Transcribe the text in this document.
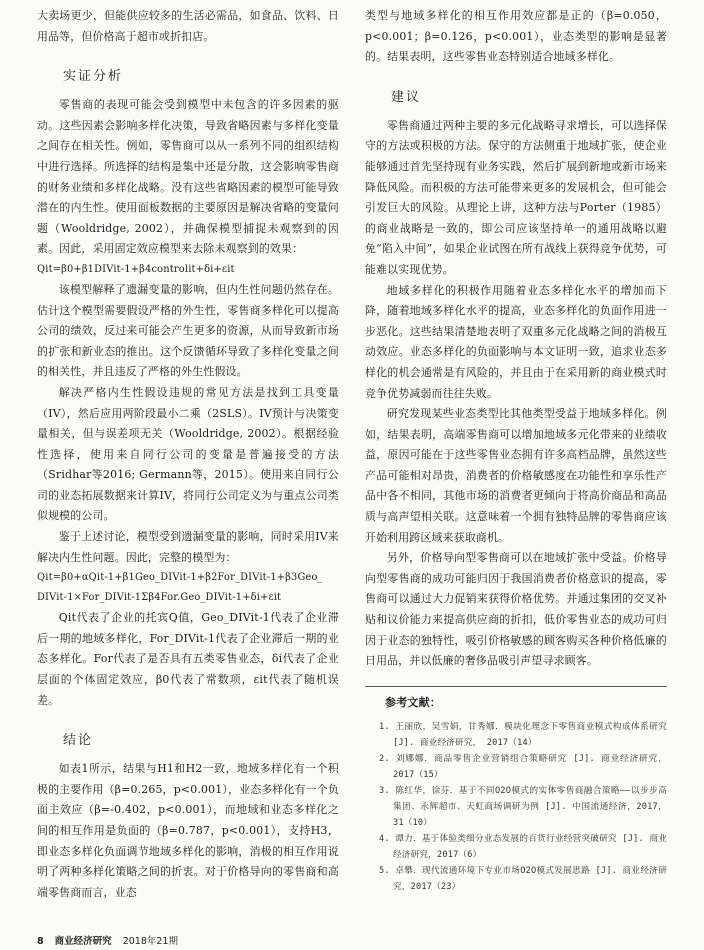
大卖场更少，但能供应较多的生活必需品，如食品、饮料、日用品等，但价格高于超市或折扣店。

实证分析

零售商的表现可能会受到模型中未包含的许多因素的驱动。这些因素会影响多样化决策，导致省略因素与多样化变量之间存在相关性。例如，零售商可以从一系列不同的组织结构中进行选择。所选择的结构是集中还是分散，这会影响零售商的财务业绩和多样化战略。没有这些省略因素的模型可能导致潜在的内生性。使用面板数据的主要原因是解决省略的变量问题（Wooldridge, 2002），并确保模型捕捉未观察到的因素。因此，采用固定效应模型来去除未观察到的效果：

Qit=β0+β1DIVit-1+β4controlit+δi+εit

该模型解释了遗漏变量的影响，但内生性问题仍然存在。估计这个模型需要假设严格的外生性，零售商多样化可以提高公司的绩效，反过来可能会产生更多的资源，从而导致新市场的扩张和新业态的推出。这个反馈循环导致了多样化变量之间的相关性，并且违反了严格的外生性假设。

解决严格内生性假设违规的常见方法是找到工具变量（IV），然后应用两阶段最小二乘（2SLS）。IV预计与决策变量相关，但与误差项无关（Wooldridge, 2002）。根据经验性选择，使用来自同行公司的变量是普遍接受的方法（Sridhar等2016; Germann等，2015）。使用来自同行公司的业态拓展数据来计算IV，将同行公司定义为与重点公司类似规模的公司。

鉴于上述讨论，模型受到遗漏变量的影响，同时采用IV来解决内生性问题。因此，完整的模型为：

Qit=β0+αQit-1+β1Geo_DIVit-1+β2For_DIVit-1+β3Geo_
DIVit-1×For_DIVit-1Σβ4For.Geo_DIVit-1+δi+εit

Qit代表了企业的托宾Q值，Geo_DIVit-1代表了企业滞后一期的地域多样化，For_DIVit-1代表了企业滞后一期的业态多样化。For代表了是否具有五类零售业态，δi代表了企业层面的个体固定效应，β0代表了常数项，εit代表了随机误差。

结论

如表1所示，结果与H1和H2一致，地域多样化有一个积极的主要作用（β=0.265，p<0.001），业态多样化有一个负面主效应（β=-0.402，p<0.001），而地域和业态多样化之间的相互作用是负面的（β=0.787，p<0.001），支持H3，即业态多样化负面调节地域多样化的影响，消极的相互作用说明了两种多样化策略之间的折衷。对于价格导向的零售商和高端零售商而言，业态

类型与地域多样化的相互作用效应都是正的（β=0.050，p<0.001；β=0.126，p<0.001），业态类型的影响是显著的。结果表明，这些零售业态特别适合地域多样化。

建议

零售商通过两种主要的多元化战略寻求增长，可以选择保守的方法或积极的方法。保守的方法侧重于地域扩张，使企业能够通过首先坚持现有业务实践，然后扩展到新地或新市场来降低风险。而积极的方法可能带来更多的发展机会，但可能会引发巨大的风险。从理论上讲，这种方法与Porter（1985）的商业战略是一致的，即公司应该坚持单一的通用战略以避免“陷入中间”，如果企业试图在所有战线上获得竞争优势，可能难以实现优势。

地域多样化的积极作用随着业态多样化水平的增加而下降，随着地域多样化水平的提高，业态多样化的负面作用进一步恶化。这些结果清楚地表明了双重多元化战略之间的消极互动效应。业态多样化的负面影响与本文证明一致，追求业态多样化的机会通常是有风险的，并且由于在采用新的商业模式时竞争优势减弱而往往失败。

研究发现某些业态类型比其他类型受益于地域多样化。例如，结果表明，高端零售商可以增加地域多元化带来的业绩收益，原因可能在于这些零售业态拥有许多高档品牌，虽然这些产品可能相对昂贵，消费者的价格敏感度在功能性和享乐性产品中各不相同，其他市场的消费者更倾向于将高价商品和高品质与高声望相关联。这意味着一个拥有独特品牌的零售商应该开始利用跨区域来获取商机。

另外，价格导向型零售商可以在地域扩张中受益。价格导向型零售商的成功可能归因于我国消费者价格意识的提高，零售商可以通过大力促销来获得价格优势。并通过集团的交叉补贴和议价能力来提高供应商的折扣，低价零售业态的成功可归因于业态的独特性，吸引价格敏感的顾客购买各种价格低廉的日用品，并以低廉的奢侈品吸引声望寻求顾客。

参考文献：

1. 王丽欣，吴雪娟，甘秀娜．模块化理念下零售商业模式构成体系研究 [J]. 商业经济研究， 2017（14）

2. 刘娜娜．商品零售企业营销组合策略研究 [J]. 商业经济研究，2017（15）

3. 陈红华，徐芬．基于不同O2O模式的实体零售商融合策略——以步步高集团、永辉超市、天虹商场调研为例 [J]. 中国流通经济，2017，31（10）

4. 谭力．基于体验类细分业态发展的百货行业经营突破研究 [J]. 商业经济研究，2017（6）

5. 卓攀．现代流通环境下专业市场O2O模式发展思路 [J]. 商业经济研究，2017（23）

8 商业经济研究 2018年21期
